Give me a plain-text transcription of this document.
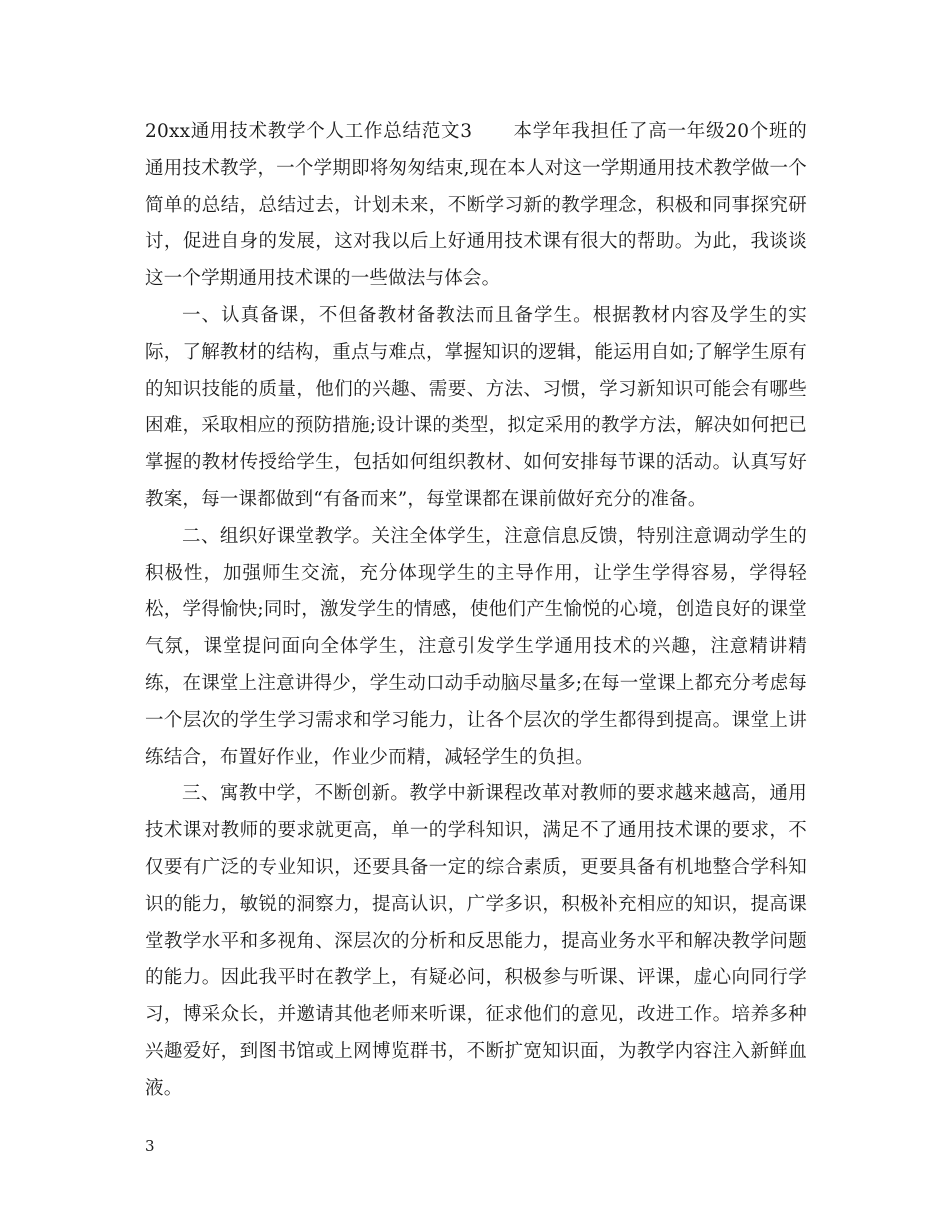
20xx通用技术教学个人工作总结范文3 本学年我担任了高一年级20个班的通用技术教学，一个学期即将匆匆结束,现在本人对这一学期通用技术教学做一个简单的总结，总结过去，计划未来，不断学习新的教学理念，积极和同事探究研讨，促进自身的发展，这对我以后上好通用技术课有很大的帮助。为此，我谈谈这一个学期通用技术课的一些做法与体会。

一、认真备课，不但备教材备教法而且备学生。根据教材内容及学生的实际，了解教材的结构，重点与难点，掌握知识的逻辑，能运用自如;了解学生原有的知识技能的质量，他们的兴趣、需要、方法、习惯，学习新知识可能会有哪些困难，采取相应的预防措施;设计课的类型，拟定采用的教学方法，解决如何把已掌握的教材传授给学生，包括如何组织教材、如何安排每节课的活动。认真写好教案，每一课都做到“有备而来”，每堂课都在课前做好充分的准备。

二、组织好课堂教学。关注全体学生，注意信息反馈，特别注意调动学生的积极性，加强师生交流，充分体现学生的主导作用，让学生学得容易，学得轻松，学得愉快;同时，激发学生的情感，使他们产生愉悦的心境，创造良好的课堂气氛，课堂提问面向全体学生，注意引发学生学通用技术的兴趣，注意精讲精练，在课堂上注意讲得少，学生动口动手动脑尽量多;在每一堂课上都充分考虑每一个层次的学生学习需求和学习能力，让各个层次的学生都得到提高。课堂上讲练结合，布置好作业，作业少而精，减轻学生的负担。

三、寓教中学，不断创新。教学中新课程改革对教师的要求越来越高，通用技术课对教师的要求就更高，单一的学科知识，满足不了通用技术课的要求，不仅要有广泛的专业知识，还要具备一定的综合素质，更要具备有机地整合学科知识的能力，敏锐的洞察力，提高认识，广学多识，积极补充相应的知识，提高课堂教学水平和多视角、深层次的分析和反思能力，提高业务水平和解决教学问题的能力。因此我平时在教学上，有疑必问，积极参与听课、评课，虚心向同行学习，博采众长，并邀请其他老师来听课，征求他们的意见，改进工作。培养多种兴趣爱好，到图书馆或上网博览群书，不断扩宽知识面，为教学内容注入新鲜血液。

3
